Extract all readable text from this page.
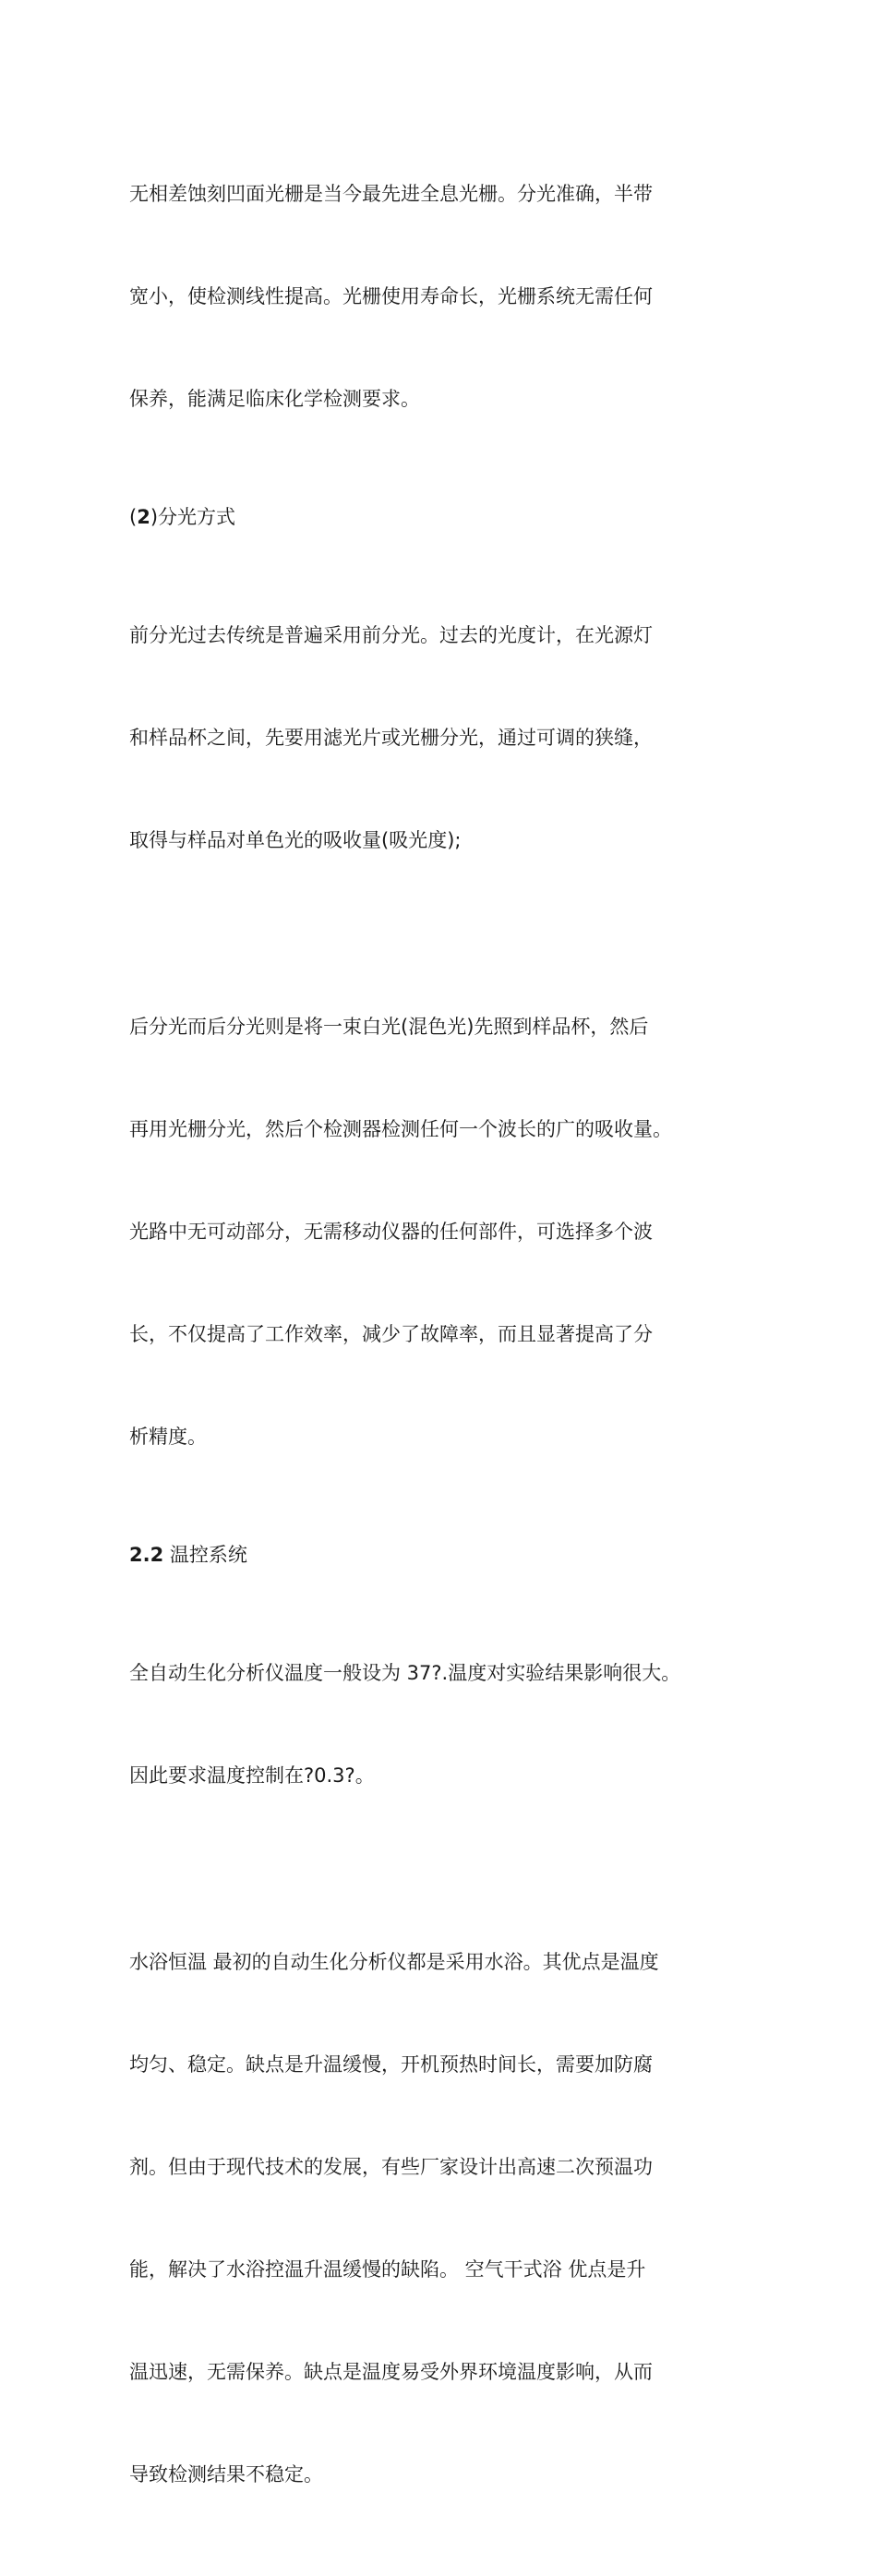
无相差蚀刻凹面光栅是当今最先进全息光栅。分光准确，半带

宽小，使检测线性提高。光栅使用寿命长，光栅系统无需任何

保养，能满足临床化学检测要求。

(2)分光方式

前分光过去传统是普遍采用前分光。过去的光度计，在光源灯

和样品杯之间，先要用滤光片或光栅分光，通过可调的狭缝，

取得与样品对单色光的吸收量(吸光度);

后分光而后分光则是将一束白光(混色光)先照到样品杯，然后

再用光栅分光，然后个检测器检测任何一个波长的广的吸收量。

光路中无可动部分，无需移动仪器的任何部件，可选择多个波

长，不仅提高了工作效率，减少了故障率，而且显著提高了分

析精度。

2.2 温控系统

全自动生化分析仪温度一般设为 37?.温度对实验结果影响很大。

因此要求温度控制在?0.3?。

水浴恒温 最初的自动生化分析仪都是采用水浴。其优点是温度

均匀、稳定。缺点是升温缓慢，开机预热时间长，需要加防腐

剂。但由于现代技术的发展，有些厂家设计出高速二次预温功

能，解决了水浴控温升温缓慢的缺陷。 空气干式浴 优点是升

温迅速，无需保养。缺点是温度易受外界环境温度影响，从而

导致检测结果不稳定。
